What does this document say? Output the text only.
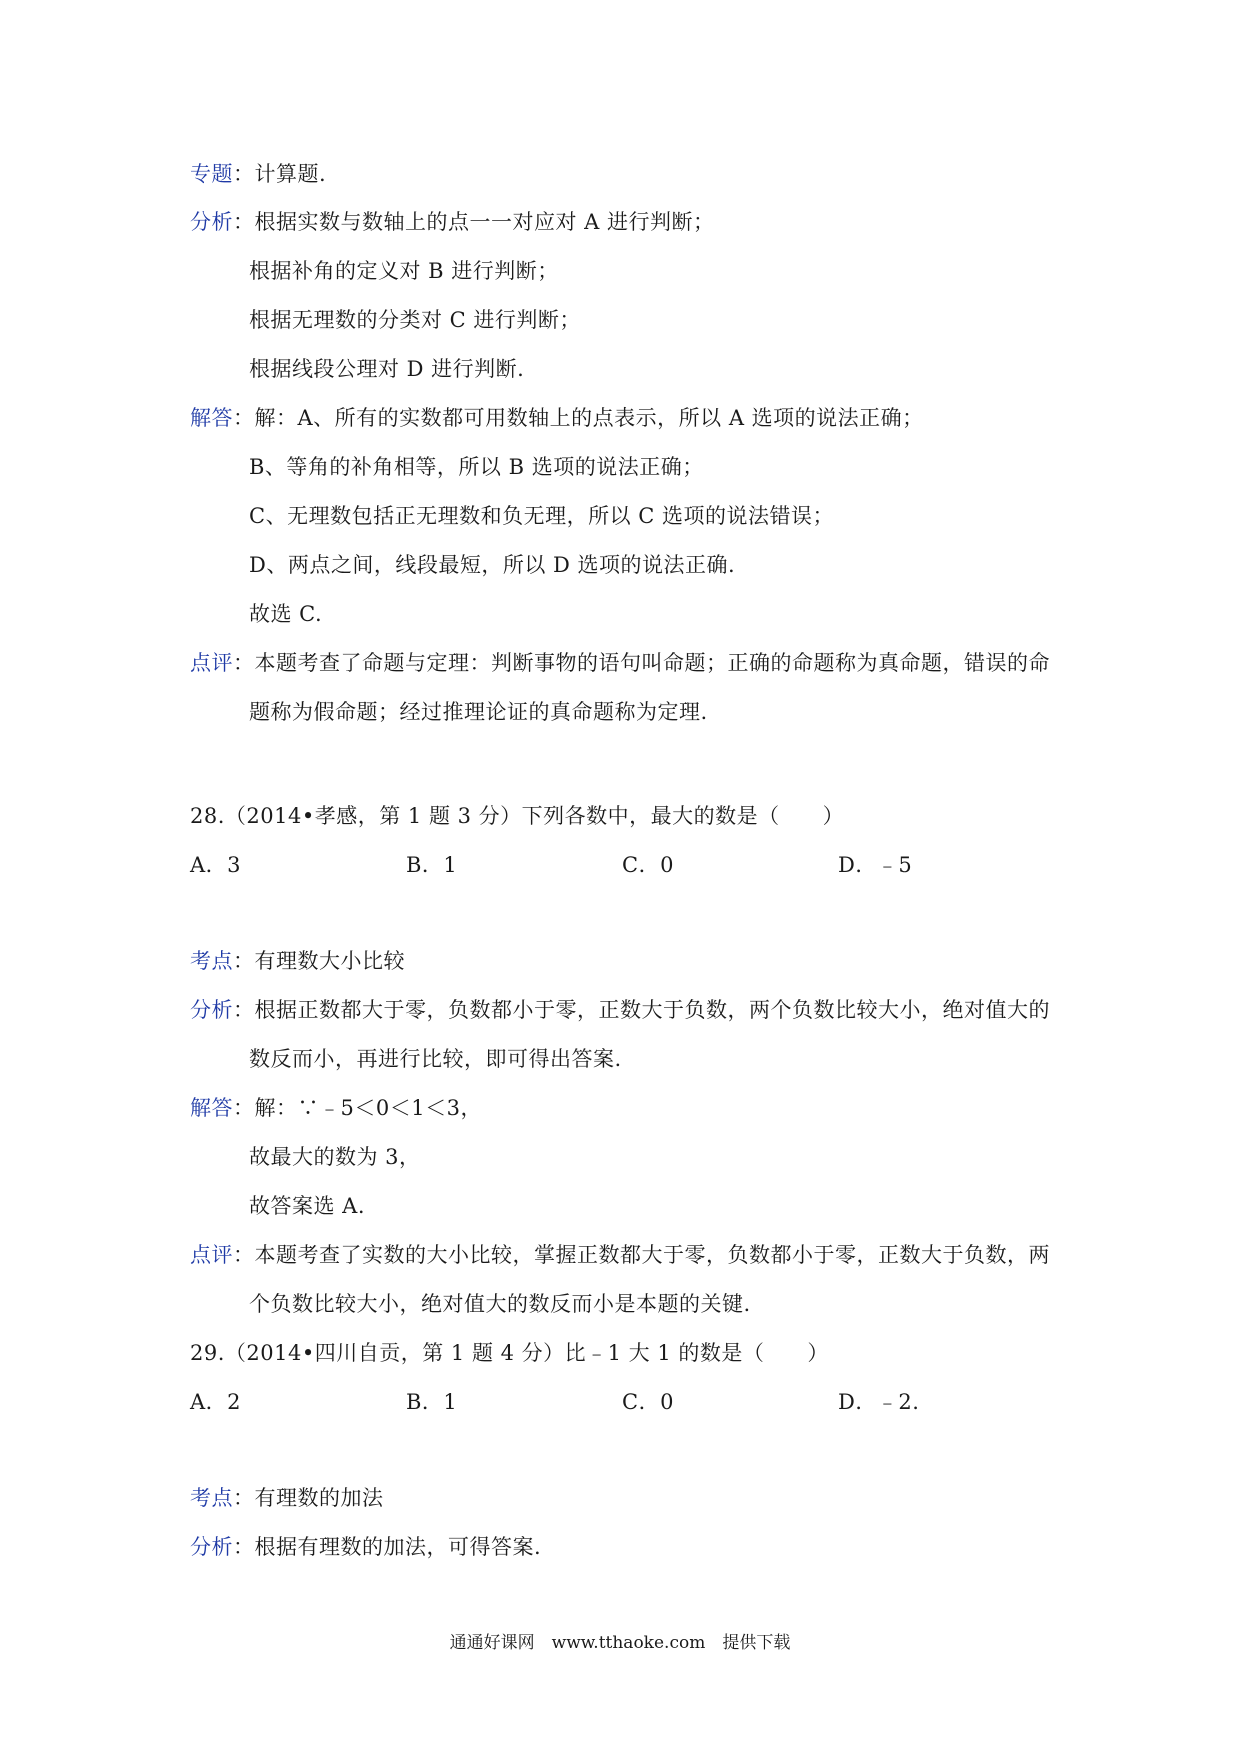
专题：计算题.
分析：根据实数与数轴上的点一一对应对 A 进行判断；
根据补角的定义对 B 进行判断；
根据无理数的分类对 C 进行判断；
根据线段公理对 D 进行判断.
解答：解：A、所有的实数都可用数轴上的点表示，所以 A 选项的说法正确；
B、等角的补角相等，所以 B 选项的说法正确；
C、无理数包括正无理数和负无理，所以 C 选项的说法错误；
D、两点之间，线段最短，所以 D 选项的说法正确.
故选 C.
点评：本题考查了命题与定理：判断事物的语句叫命题；正确的命题称为真命题，错误的命
题称为假命题；经过推理论证的真命题称为定理.
28.（2014•孝感，第 1 题 3 分）下列各数中，最大的数是（　　）
A．3	B．1	C．0	D．﹣5
考点：有理数大小比较
分析：根据正数都大于零，负数都小于零，正数大于负数，两个负数比较大小，绝对值大的
数反而小，再进行比较，即可得出答案.
解答：解：∵﹣5＜0＜1＜3，
故最大的数为 3，
故答案选 A.
点评：本题考查了实数的大小比较，掌握正数都大于零，负数都小于零，正数大于负数，两
个负数比较大小，绝对值大的数反而小是本题的关键.
29.（2014•四川自贡，第 1 题 4 分）比﹣1 大 1 的数是（　　）
A．2	B．1	C．0	D．﹣2.
考点：有理数的加法
分析：根据有理数的加法，可得答案.
通通好课网　www.tthaoke.com　提供下载
